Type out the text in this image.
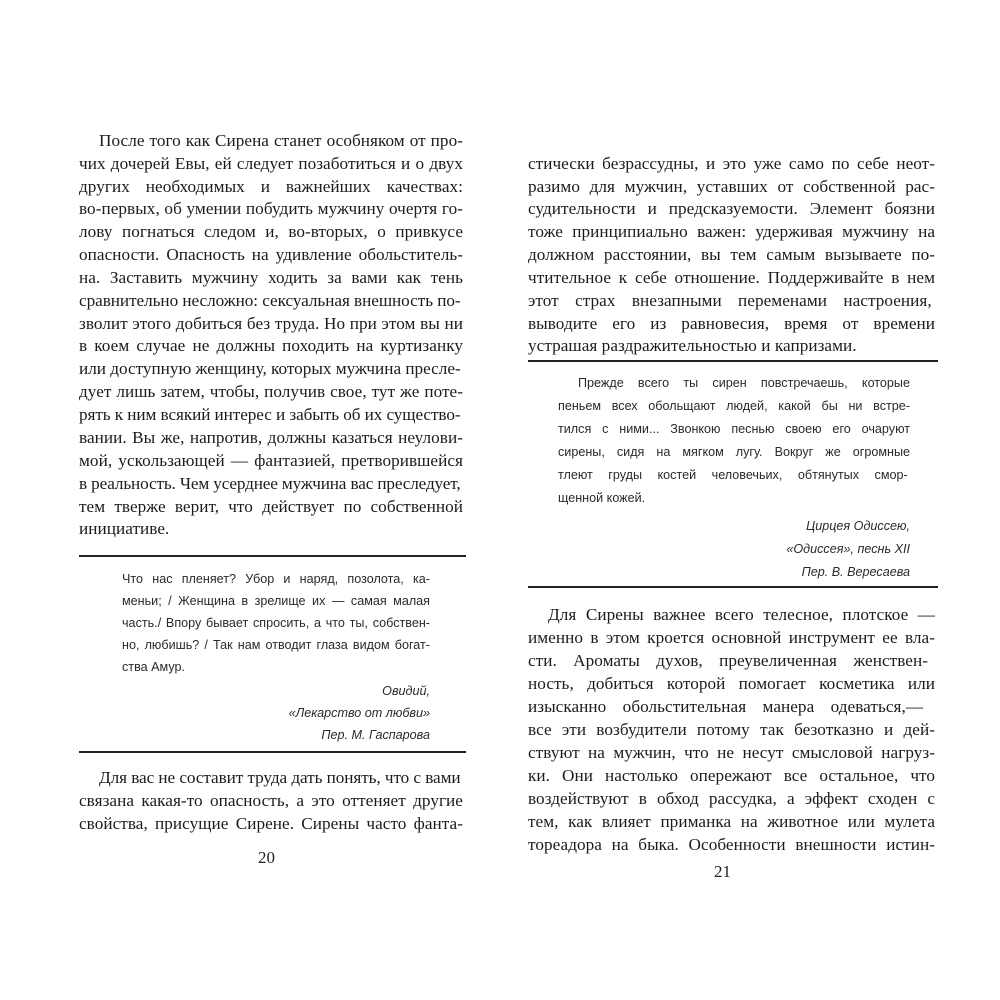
После того как Сирена станет особняком от про-
чих дочерей Евы, ей следует позаботиться и о двух
других необходимых и важнейших качествах:
во-первых, об умении побудить мужчину очертя го-
лову погнаться следом и, во-вторых, о привкусе
опасности. Опасность на удивление обольститель-
на. Заставить мужчину ходить за вами как тень
сравнительно несложно: сексуальная внешность по-
зволит этого добиться без труда. Но при этом вы ни
в коем случае не должны походить на куртизанку
или доступную женщину, которых мужчина пресле-
дует лишь затем, чтобы, получив свое, тут же потe-
рять к ним всякий интерес и забыть об их существо-
вании. Вы же, напротив, должны казаться неулови-
мой, ускользающей — фантазией, претворившейся
в реальность. Чем усерднее мужчина вас преследует,
тем тверже верит, что действует по собственной
инициативе.
Что нас пленяет? Убор и наряд, позолота, ка-
меньи; / Женщина в зрелище их — самая малая
часть./ Впору бывает спросить, а что ты, собствен-
но, любишь? / Так нам отводит глаза видом богат-
ства Амур.
Овидий,
«Лекарство от любви»
Пер. М. Гаспарова
Для вас не составит труда дать понять, что с вами
связана какая-то опасность, а это оттеняет другие
свойства, присущие Сирене. Сирены часто фанта-
20
стически безрассудны, и это уже само по себе неот-
разимо для мужчин, уставших от собственной рас-
судительности и предсказуемости. Элемент боязни
тоже принципиально важен: удерживая мужчину на
должном расстоянии, вы тем самым вызываете по-
чтительное к себе отношение. Поддерживайте в нем
этот страх внезапными переменами настроения,
выводите его из равновесия, время от времени
устрашая раздражительностью и капризами.
Прежде всего ты сирен повстречаешь, которые
пеньем всех обольщают людей, какой бы ни встре-
тился с ними... Звонкою песнью своею его очаруют
сирены, сидя на мягком лугу. Вокруг же огромные
тлеют груды костей человечьих, обтянутых смор-
щенной кожей.
Цирцея Одиссею,
«Одиссея», песнь XII
Пер. В. Вересаева
Для Сирены важнее всего телесное, плотское —
именно в этом кроется основной инструмент ее вла-
сти. Ароматы духов, преувеличенная женствен-
ность, добиться которой помогает косметика или
изысканно обольстительная манера одеваться,—
все эти возбудители потому так безотказно и дей-
ствуют на мужчин, что не несут смысловой нагруз-
ки. Они настолько опережают все остальное, что
воздействуют в обход рассудка, а эффект сходен с
тем, как влияет приманка на животное или мулета
тореадора на быка. Особенности внешности истин-
21
